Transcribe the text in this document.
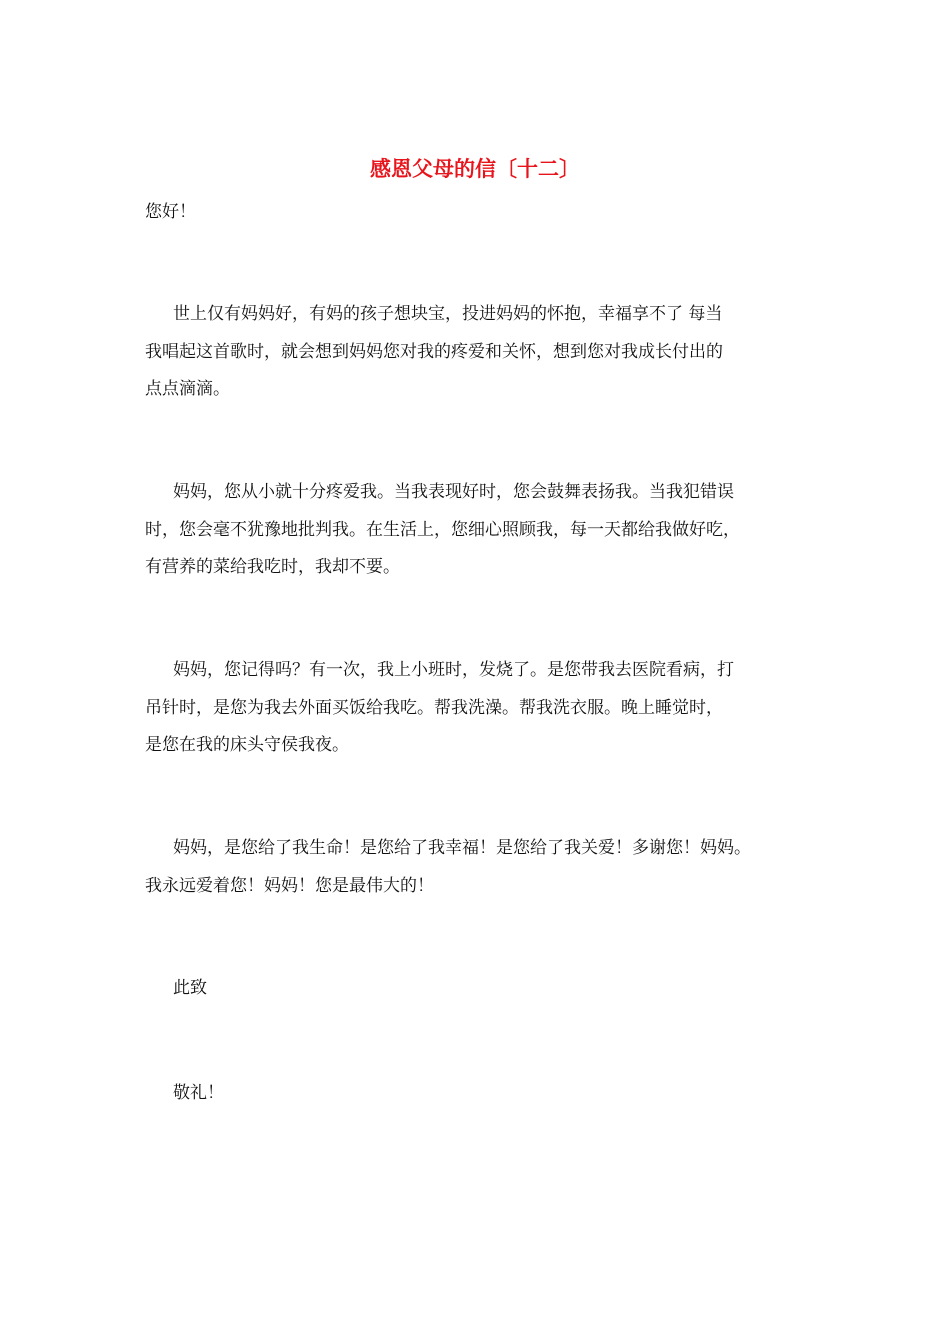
感恩父母的信〔十二〕
您好！
世上仅有妈妈好，有妈的孩子想块宝，投进妈妈的怀抱，幸福享不了 每当
我唱起这首歌时，就会想到妈妈您对我的疼爱和关怀，想到您对我成长付出的
点点滴滴。
妈妈，您从小就十分疼爱我。当我表现好时，您会鼓舞表扬我。当我犯错误
时，您会毫不犹豫地批判我。在生活上，您细心照顾我，每一天都给我做好吃，
有营养的菜给我吃时，我却不要。
妈妈，您记得吗？有一次，我上小班时，发烧了。是您带我去医院看病，打
吊针时，是您为我去外面买饭给我吃。帮我洗澡。帮我洗衣服。晚上睡觉时，
是您在我的床头守侯我夜。
妈妈，是您给了我生命！是您给了我幸福！是您给了我关爱！多谢您！妈妈。
我永远爱着您！妈妈！您是最伟大的！
此致
敬礼！
